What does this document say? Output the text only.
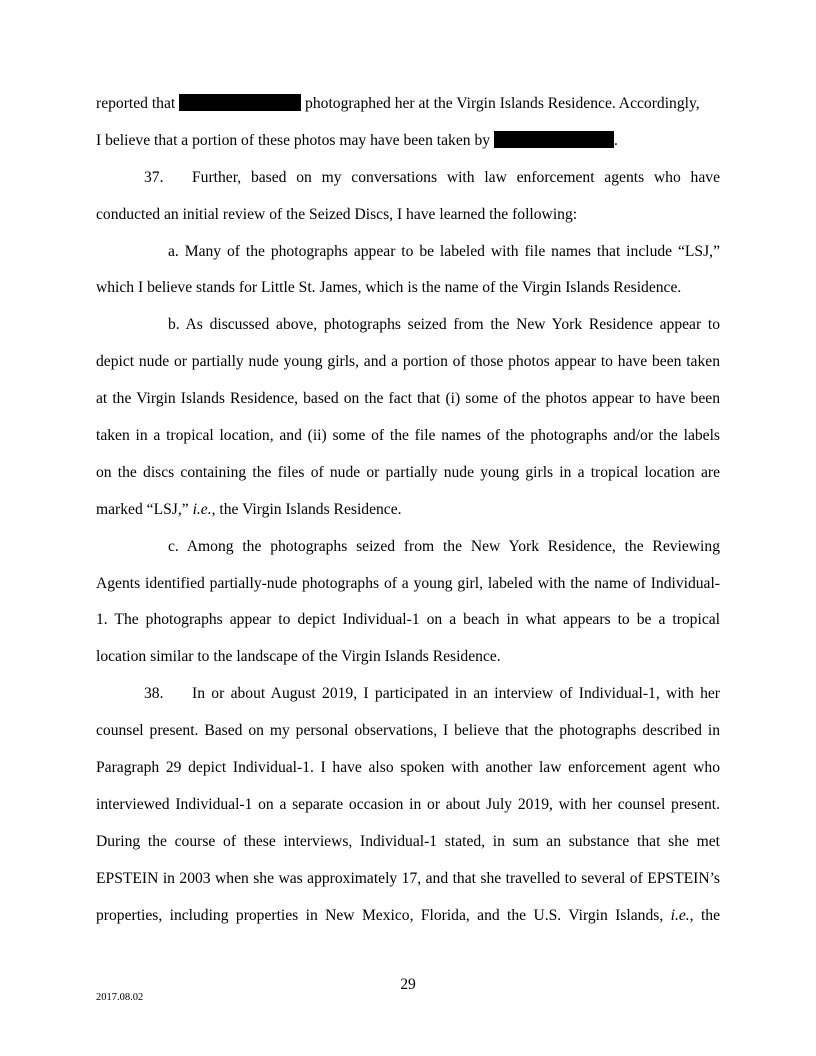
reported that	photographed her at the Virgin Islands Residence. Accordingly,
I believe that a portion of these photos may have been taken by	.
37. Further, based on my conversations with law enforcement agents who have
conducted an initial review of the Seized Discs, I have learned the following:
a. Many of the photographs appear to be labeled with file names that include “LSJ,”
which I believe stands for Little St. James, which is the name of the Virgin Islands Residence.
b. As discussed above, photographs seized from the New York Residence appear to
depict nude or partially nude young girls, and a portion of those photos appear to have been taken
at the Virgin Islands Residence, based on the fact that (i) some of the photos appear to have been
taken in a tropical location, and (ii) some of the file names of the photographs and/or the labels
on the discs containing the files of nude or partially nude young girls in a tropical location are
marked “LSJ,” i.e., the Virgin Islands Residence.
c. Among the photographs seized from the New York Residence, the Reviewing
Agents identified partially-nude photographs of a young girl, labeled with the name of Individual-
1. The photographs appear to depict Individual-1 on a beach in what appears to be a tropical
location similar to the landscape of the Virgin Islands Residence.
38. In or about August 2019, I participated in an interview of Individual-1, with her
counsel present. Based on my personal observations, I believe that the photographs described in
Paragraph 29 depict Individual-1. I have also spoken with another law enforcement agent who
interviewed Individual-1 on a separate occasion in or about July 2019, with her counsel present.
During the course of these interviews, Individual-1 stated, in sum an substance that she met
EPSTEIN in 2003 when she was approximately 17, and that she travelled to several of EPSTEIN’s
properties, including properties in New Mexico, Florida, and the U.S. Virgin Islands, i.e., the
29
2017.08.02
